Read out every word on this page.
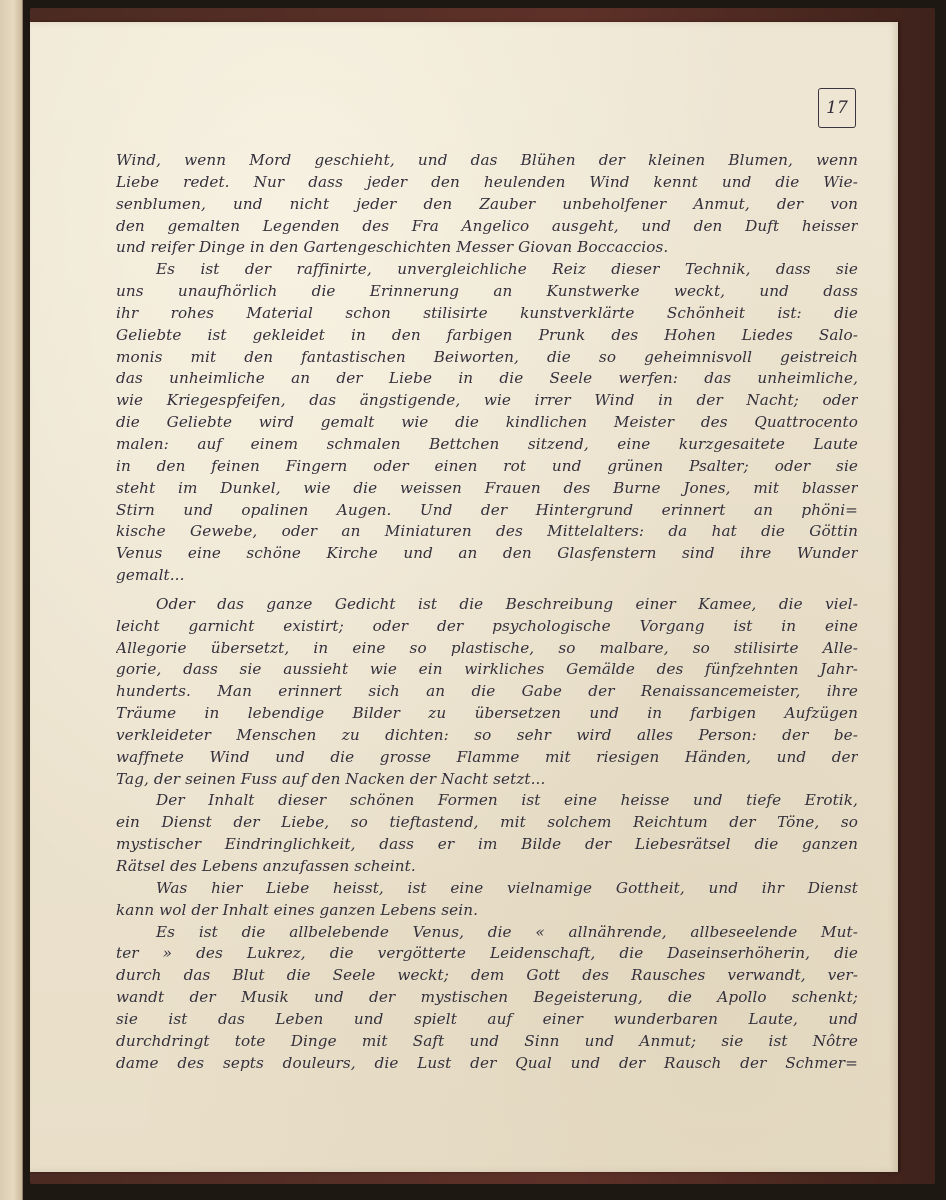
17
Wind, wenn Mord geschieht, und das Blühen der kleinen Blumen, wenn
Liebe redet. Nur dass jeder den heulenden Wind kennt und die Wie-
senblumen, und nicht jeder den Zauber unbeholfener Anmut, der von
den gemalten Legenden des Fra Angelico ausgeht, und den Duft heisser
und reifer Dinge in den Gartengeschichten Messer Giovan Boccaccios.
Es ist der raffinirte, unvergleichliche Reiz dieser Technik, dass sie
uns unaufhörlich die Erinnerung an Kunstwerke weckt, und dass
ihr rohes Material schon stilisirte kunstverklärte Schönheit ist: die
Geliebte ist gekleidet in den farbigen Prunk des Hohen Liedes Salo-
monis mit den fantastischen Beiworten, die so geheimnisvoll geistreich
das unheimliche an der Liebe in die Seele werfen: das unheimliche,
wie Kriegespfeifen, das ängstigende, wie irrer Wind in der Nacht; oder
die Geliebte wird gemalt wie die kindlichen Meister des Quattrocento
malen: auf einem schmalen Bettchen sitzend, eine kurzgesaitete Laute
in den feinen Fingern oder einen rot und grünen Psalter; oder sie
steht im Dunkel, wie die weissen Frauen des Burne Jones, mit blasser
Stirn und opalinen Augen. Und der Hintergrund erinnert an phöni=
kische Gewebe, oder an Miniaturen des Mittelalters: da hat die Göttin
Venus eine schöne Kirche und an den Glasfenstern sind ihre Wunder
gemalt...
Oder das ganze Gedicht ist die Beschreibung einer Kamee, die viel-
leicht garnicht existirt; oder der psychologische Vorgang ist in eine
Allegorie übersetzt, in eine so plastische, so malbare, so stilisirte Alle-
gorie, dass sie aussieht wie ein wirkliches Gemälde des fünfzehnten Jahr-
hunderts. Man erinnert sich an die Gabe der Renaissancemeister, ihre
Träume in lebendige Bilder zu übersetzen und in farbigen Aufzügen
verkleideter Menschen zu dichten: so sehr wird alles Person: der be-
waffnete Wind und die grosse Flamme mit riesigen Händen, und der
Tag, der seinen Fuss auf den Nacken der Nacht setzt...
Der Inhalt dieser schönen Formen ist eine heisse und tiefe Erotik,
ein Dienst der Liebe, so tieftastend, mit solchem Reichtum der Töne, so
mystischer Eindringlichkeit, dass er im Bilde der Liebesrätsel die ganzen
Rätsel des Lebens anzufassen scheint.
Was hier Liebe heisst, ist eine vielnamige Gottheit, und ihr Dienst
kann wol der Inhalt eines ganzen Lebens sein.
Es ist die allbelebende Venus, die « allnährende, allbeseelende Mut-
ter » des Lukrez, die vergötterte Leidenschaft, die Daseinserhöherin, die
durch das Blut die Seele weckt; dem Gott des Rausches verwandt, ver-
wandt der Musik und der mystischen Begeisterung, die Apollo schenkt;
sie ist das Leben und spielt auf einer wunderbaren Laute, und
durchdringt tote Dinge mit Saft und Sinn und Anmut; sie ist Nôtre
dame des septs douleurs, die Lust der Qual und der Rausch der Schmer=
